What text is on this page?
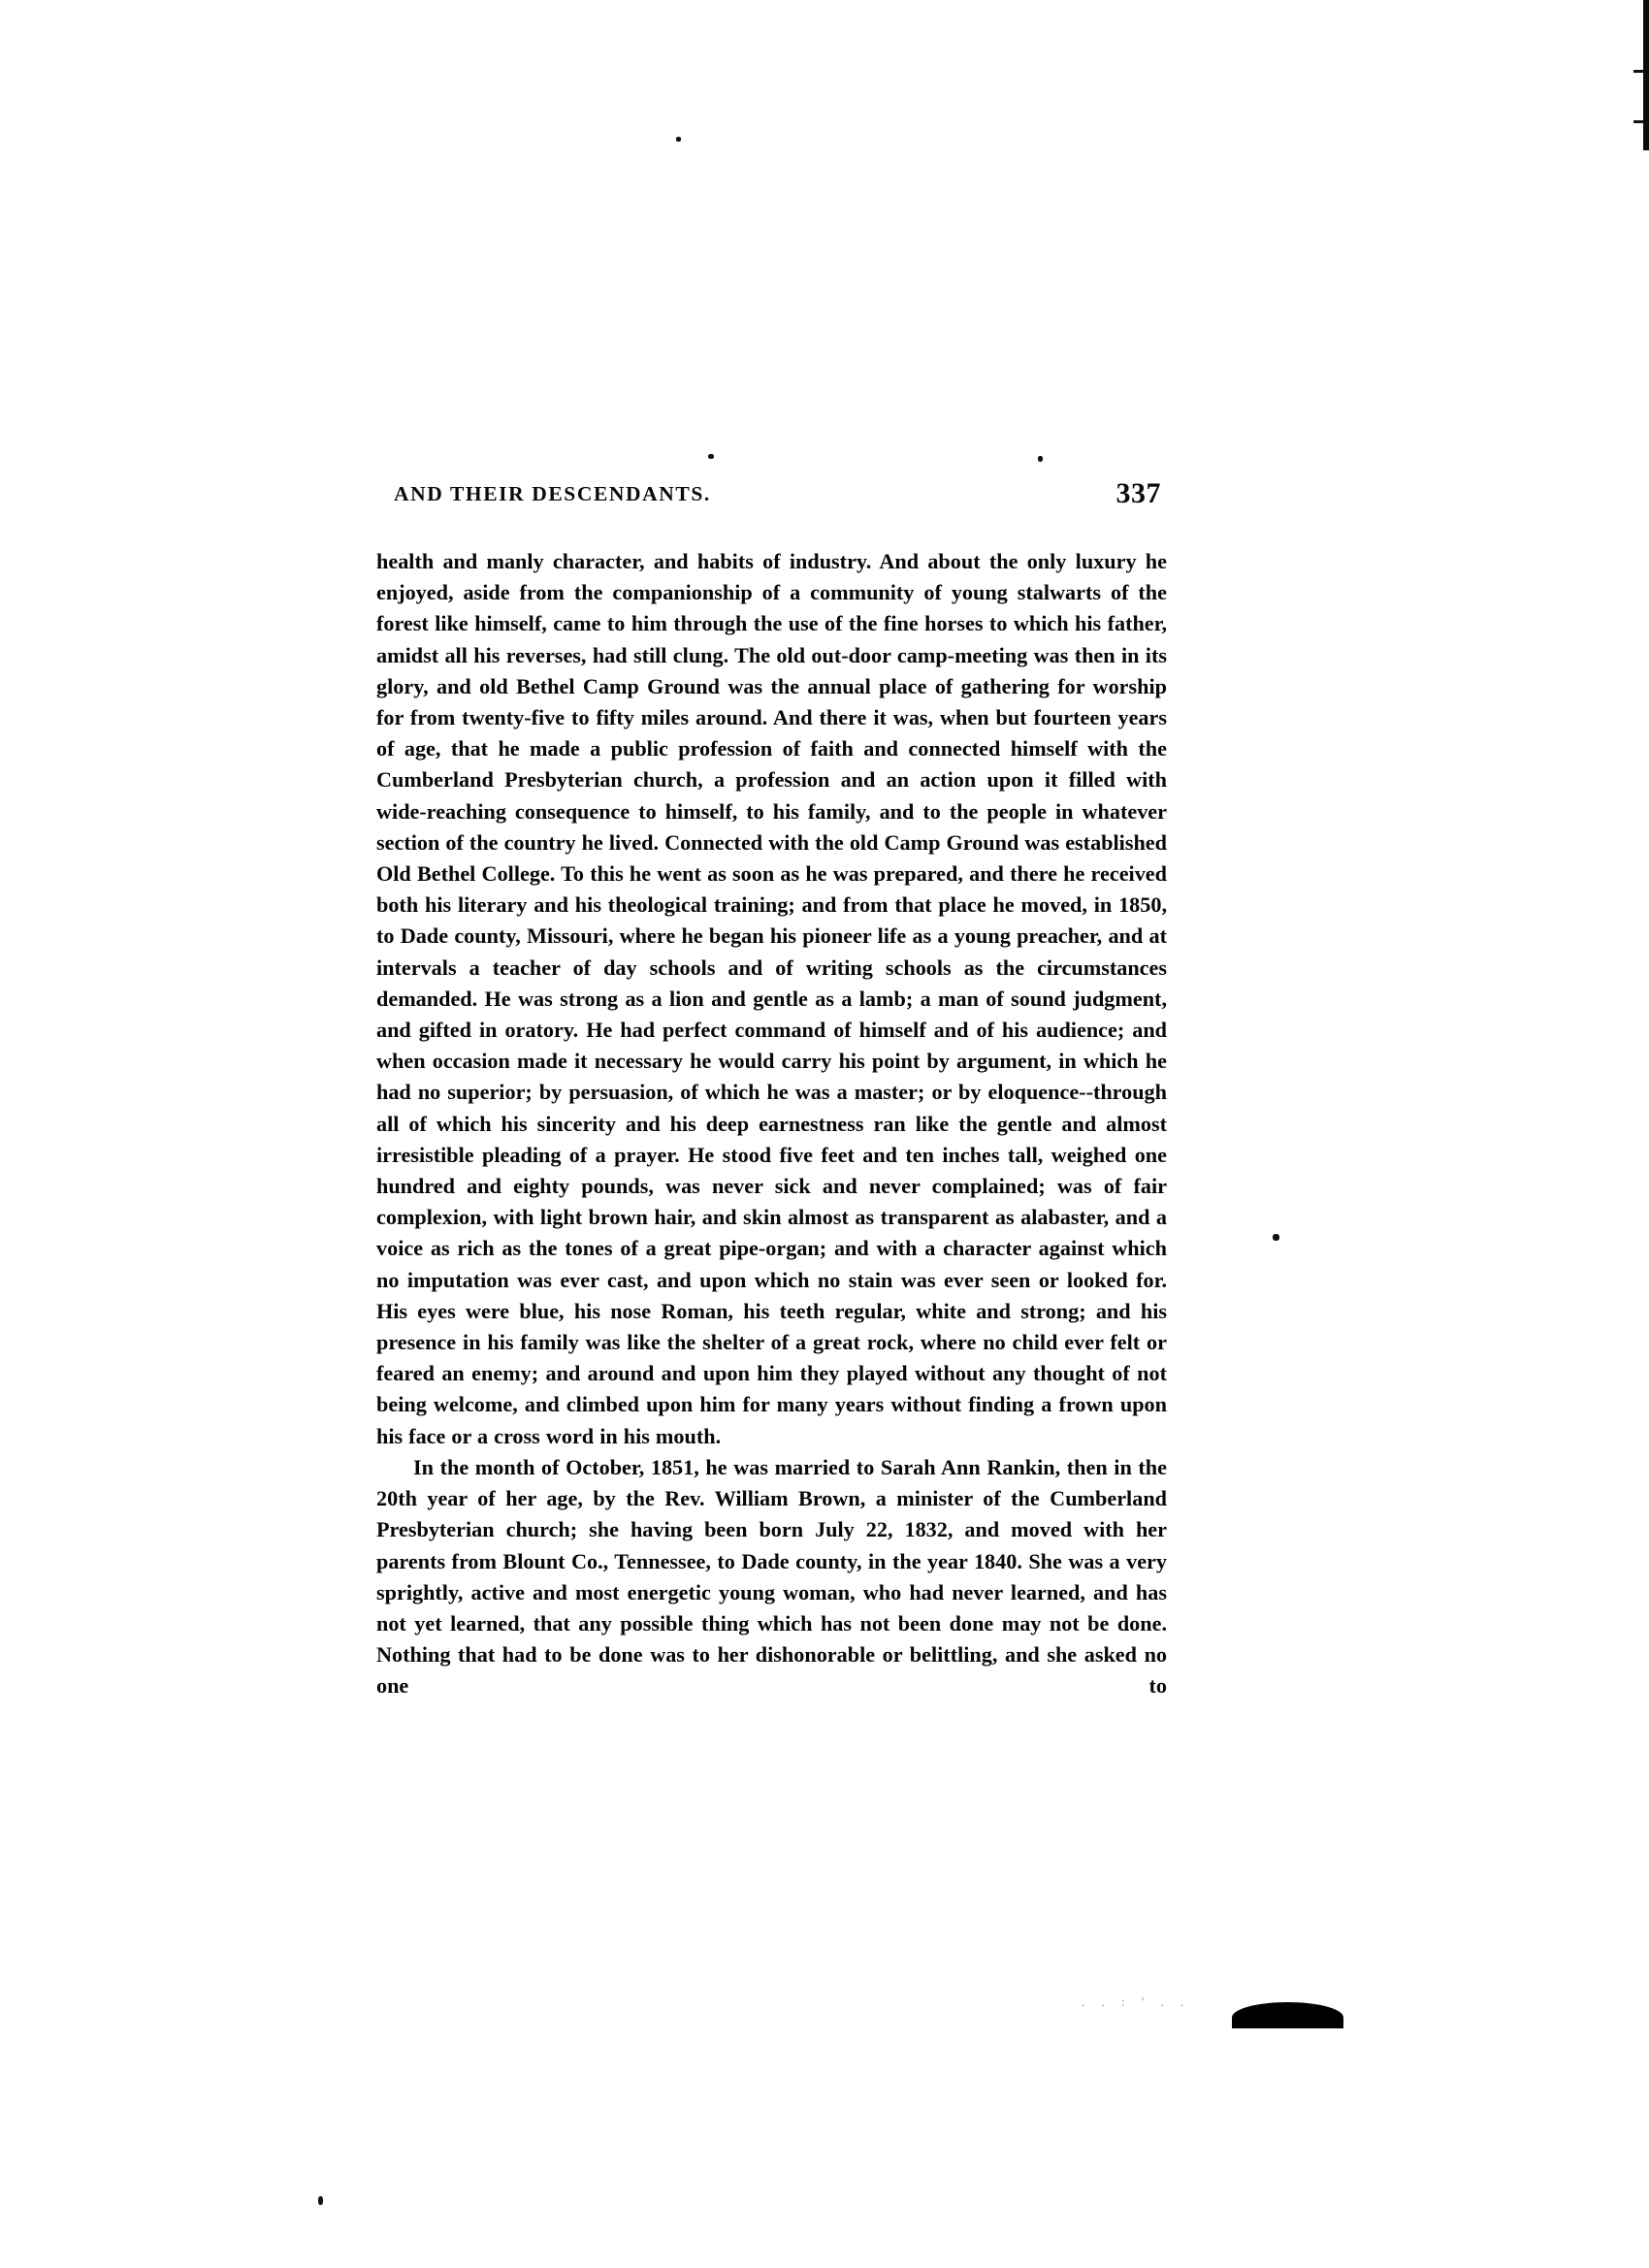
AND THEIR DESCENDANTS.	337

health and manly character, and habits of industry. And about the only luxury he enjoyed, aside from the companionship of a community of young stalwarts of the forest like himself, came to him through the use of the fine horses to which his father, amidst all his reverses, had still clung. The old out-door camp-meeting was then in its glory, and old Bethel Camp Ground was the annual place of gathering for worship for from twenty-five to fifty miles around. And there it was, when but fourteen years of age, that he made a public profession of faith and connected himself with the Cumberland Presbyterian church, a profession and an action upon it filled with wide-reaching consequence to himself, to his family, and to the people in whatever section of the country he lived. Connected with the old Camp Ground was established Old Bethel College. To this he went as soon as he was prepared, and there he received both his literary and his theological training; and from that place he moved, in 1850, to Dade county, Missouri, where he began his pioneer life as a young preacher, and at intervals a teacher of day schools and of writing schools as the circumstances demanded. He was strong as a lion and gentle as a lamb; a man of sound judgment, and gifted in oratory. He had perfect command of himself and of his audience; and when occasion made it necessary he would carry his point by argument, in which he had no superior; by persuasion, of which he was a master; or by eloquence--through all of which his sincerity and his deep earnestness ran like the gentle and almost irresistible pleading of a prayer. He stood five feet and ten inches tall, weighed one hundred and eighty pounds, was never sick and never complained; was of fair complexion, with light brown hair, and skin almost as transparent as alabaster, and a voice as rich as the tones of a great pipe-organ; and with a character against which no imputation was ever cast, and upon which no stain was ever seen or looked for. His eyes were blue, his nose Roman, his teeth regular, white and strong; and his presence in his family was like the shelter of a great rock, where no child ever felt or feared an enemy; and around and upon him they played without any thought of not being welcome, and climbed upon him for many years without finding a frown upon his face or a cross word in his mouth.

In the month of October, 1851, he was married to Sarah Ann Rankin, then in the 20th year of her age, by the Rev. William Brown, a minister of the Cumberland Presbyterian church; she having been born July 22, 1832, and moved with her parents from Blount Co., Tennessee, to Dade county, in the year 1840. She was a very sprightly, active and most energetic young woman, who had never learned, and has not yet learned, that any possible thing which has not been done may not be done. Nothing that had to be done was to her dishonorable or belittling, and she asked no one to

. . : ' . .
